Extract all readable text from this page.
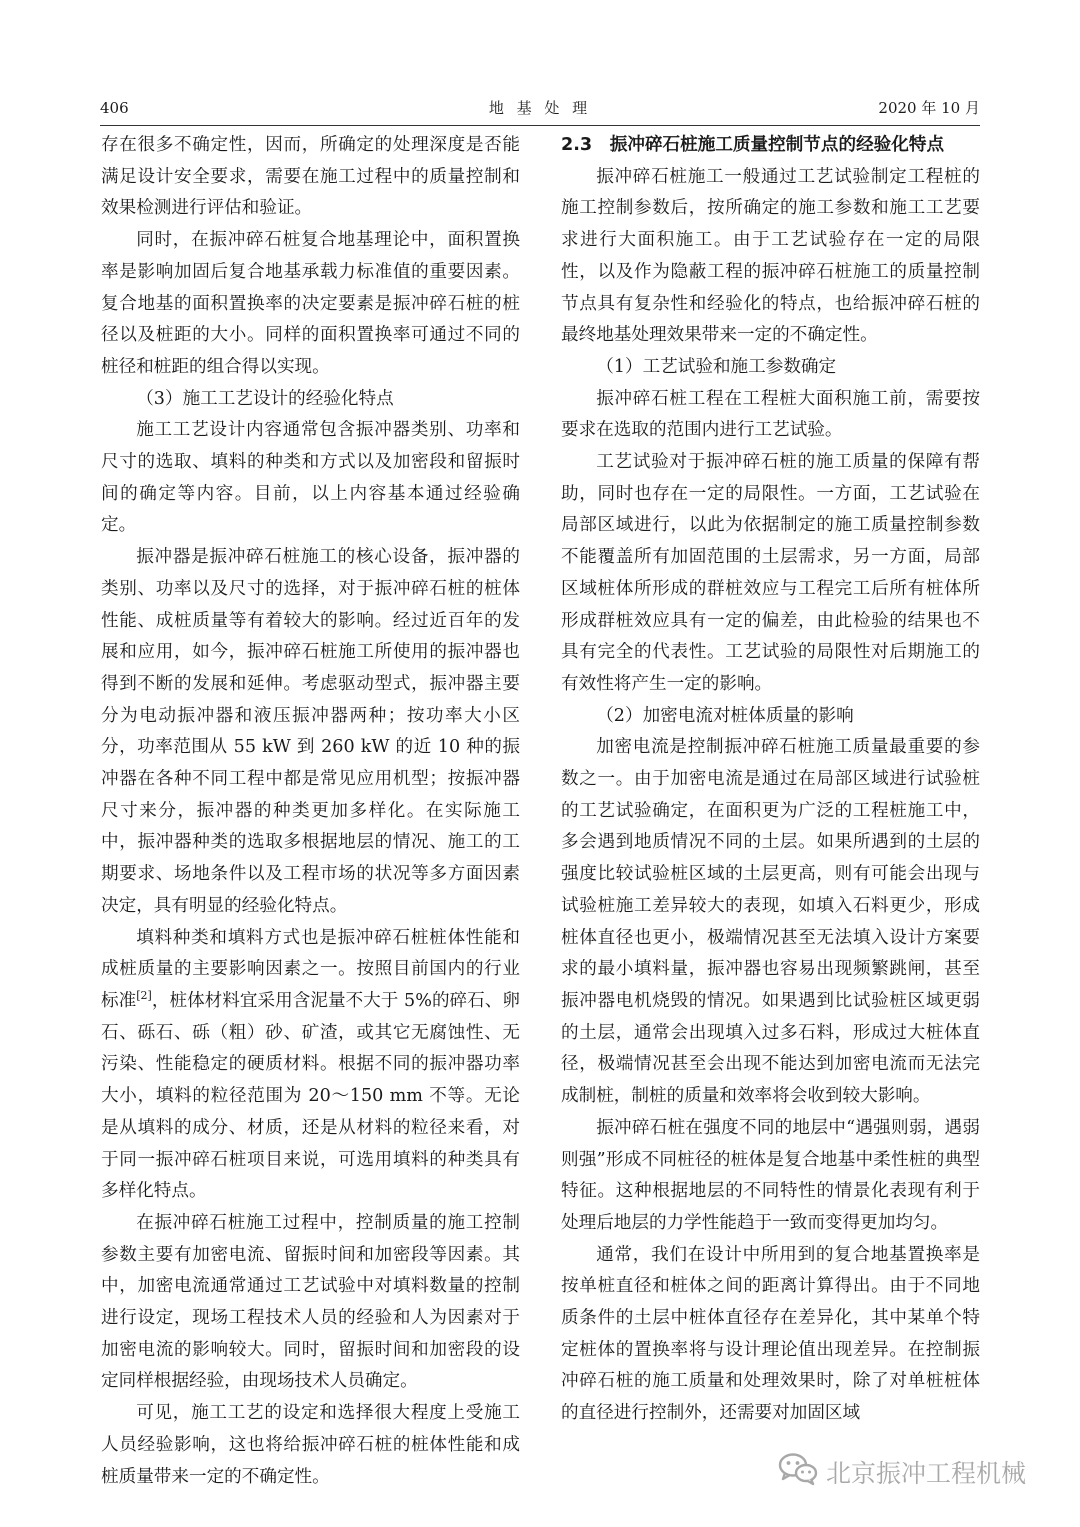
406	地 基 处 理	2020 年 10 月

存在很多不确定性，因而，所确定的处理深度是否能满足设计安全要求，需要在施工过程中的质量控制和效果检测进行评估和验证。

同时，在振冲碎石桩复合地基理论中，面积置换率是影响加固后复合地基承载力标准值的重要因素。复合地基的面积置换率的决定要素是振冲碎石桩的桩径以及桩距的大小。同样的面积置换率可通过不同的桩径和桩距的组合得以实现。

（3）施工工艺设计的经验化特点

施工工艺设计内容通常包含振冲器类别、功率和尺寸的选取、填料的种类和方式以及加密段和留振时间的确定等内容。目前，以上内容基本通过经验确定。

振冲器是振冲碎石桩施工的核心设备，振冲器的类别、功率以及尺寸的选择，对于振冲碎石桩的桩体性能、成桩质量等有着较大的影响。经过近百年的发展和应用，如今，振冲碎石桩施工所使用的振冲器也得到不断的发展和延伸。考虑驱动型式，振冲器主要分为电动振冲器和液压振冲器两种；按功率大小区分，功率范围从 55 kW 到 260 kW 的近 10 种的振冲器在各种不同工程中都是常见应用机型；按振冲器尺寸来分，振冲器的种类更加多样化。在实际施工中，振冲器种类的选取多根据地层的情况、施工的工期要求、场地条件以及工程市场的状况等多方面因素决定，具有明显的经验化特点。

填料种类和填料方式也是振冲碎石桩桩体性能和成桩质量的主要影响因素之一。按照目前国内的行业标准[2]，桩体材料宜采用含泥量不大于 5%的碎石、卵石、砾石、砾（粗）砂、矿渣，或其它无腐蚀性、无污染、性能稳定的硬质材料。根据不同的振冲器功率大小，填料的粒径范围为 20～150 mm 不等。无论是从填料的成分、材质，还是从材料的粒径来看，对于同一振冲碎石桩项目来说，可选用填料的种类具有多样化特点。

在振冲碎石桩施工过程中，控制质量的施工控制参数主要有加密电流、留振时间和加密段等因素。其中，加密电流通常通过工艺试验中对填料数量的控制进行设定，现场工程技术人员的经验和人为因素对于加密电流的影响较大。同时，留振时间和加密段的设定同样根据经验，由现场技术人员确定。

可见，施工工艺的设定和选择很大程度上受施工人员经验影响，这也将给振冲碎石桩的桩体性能和成桩质量带来一定的不确定性。

2.3　振冲碎石桩施工质量控制节点的经验化特点

振冲碎石桩施工一般通过工艺试验制定工程桩的施工控制参数后，按所确定的施工参数和施工工艺要求进行大面积施工。由于工艺试验存在一定的局限性，以及作为隐蔽工程的振冲碎石桩施工的质量控制节点具有复杂性和经验化的特点，也给振冲碎石桩的最终地基处理效果带来一定的不确定性。

（1）工艺试验和施工参数确定

振冲碎石桩工程在工程桩大面积施工前，需要按要求在选取的范围内进行工艺试验。

工艺试验对于振冲碎石桩的施工质量的保障有帮助，同时也存在一定的局限性。一方面，工艺试验在局部区域进行，以此为依据制定的施工质量控制参数不能覆盖所有加固范围的土层需求，另一方面，局部区域桩体所形成的群桩效应与工程完工后所有桩体所形成群桩效应具有一定的偏差，由此检验的结果也不具有完全的代表性。工艺试验的局限性对后期施工的有效性将产生一定的影响。

（2）加密电流对桩体质量的影响

加密电流是控制振冲碎石桩施工质量最重要的参数之一。由于加密电流是通过在局部区域进行试验桩的工艺试验确定，在面积更为广泛的工程桩施工中，多会遇到地质情况不同的土层。如果所遇到的土层的强度比较试验桩区域的土层更高，则有可能会出现与试验桩施工差异较大的表现，如填入石料更少，形成桩体直径也更小，极端情况甚至无法填入设计方案要求的最小填料量，振冲器也容易出现频繁跳闸，甚至振冲器电机烧毁的情况。如果遇到比试验桩区域更弱的土层，通常会出现填入过多石料，形成过大桩体直径，极端情况甚至会出现不能达到加密电流而无法完成制桩，制桩的质量和效率将会收到较大影响。

振冲碎石桩在强度不同的地层中“遇强则弱，遇弱则强”形成不同桩径的桩体是复合地基中柔性桩的典型特征。这种根据地层的不同特性的情景化表现有利于处理后地层的力学性能趋于一致而变得更加均匀。

通常，我们在设计中所用到的复合地基置换率是按单桩直径和桩体之间的距离计算得出。由于不同地质条件的土层中桩体直径存在差异化，其中某单个特定桩体的置换率将与设计理论值出现差异。在控制振冲碎石桩的施工质量和处理效果时，除了对单桩桩体的直径进行控制外，还需要对加固区域

北京振冲工程机械
